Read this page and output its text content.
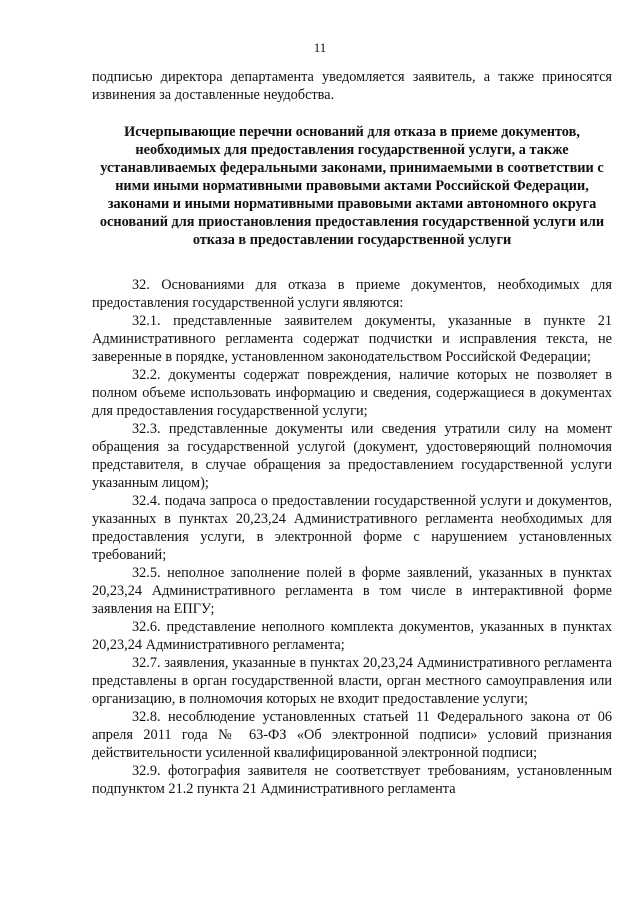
11
подписью директора департамента уведомляется заявитель, а также приносятся извинения за доставленные неудобства.
Исчерпывающие перечни оснований для отказа в приеме документов, необходимых для предоставления государственной услуги, а также устанавливаемых федеральными законами, принимаемыми в соответствии с ними иными нормативными правовыми актами Российской Федерации, законами и иными нормативными правовыми актами автономного округа оснований для приостановления предоставления государственной услуги или отказа в предоставлении государственной услуги

32. Основаниями для отказа в приеме документов, необходимых для предоставления государственной услуги являются:

32.1. представленные заявителем документы, указанные в пункте 21 Административного регламента содержат подчистки и исправления текста, не заверенные в порядке, установленном законодательством Российской Федерации;

32.2. документы содержат повреждения, наличие которых не позволяет в полном объеме использовать информацию и сведения, содержащиеся в документах для предоставления государственной услуги;

32.3. представленные документы или сведения утратили силу на момент обращения за государственной услугой (документ, удостоверяющий полномочия представителя, в случае обращения за предоставлением государственной услуги указанным лицом);

32.4. подача запроса о предоставлении государственной услуги и документов, указанных в пунктах 20,23,24 Административного регламента необходимых для предоставления услуги, в электронной форме с нарушением установленных требований;

32.5. неполное заполнение полей в форме заявлений, указанных в пунктах 20,23,24 Административного регламента в том числе в интерактивной форме заявления на ЕПГУ;

32.6. представление неполного комплекта документов, указанных в пунктах 20,23,24 Административного регламента;

32.7. заявления, указанные в пунктах 20,23,24 Административного регламента представлены в орган государственной власти, орган местного самоуправления или организацию, в полномочия которых не входит предоставление услуги;

32.8. несоблюдение установленных статьей 11 Федерального закона от 06 апреля 2011 года № 63-ФЗ «Об электронной подписи» условий признания действительности усиленной квалифицированной электронной подписи;

32.9. фотография заявителя не соответствует требованиям, установленным подпунктом 21.2 пункта 21 Административного регламента
